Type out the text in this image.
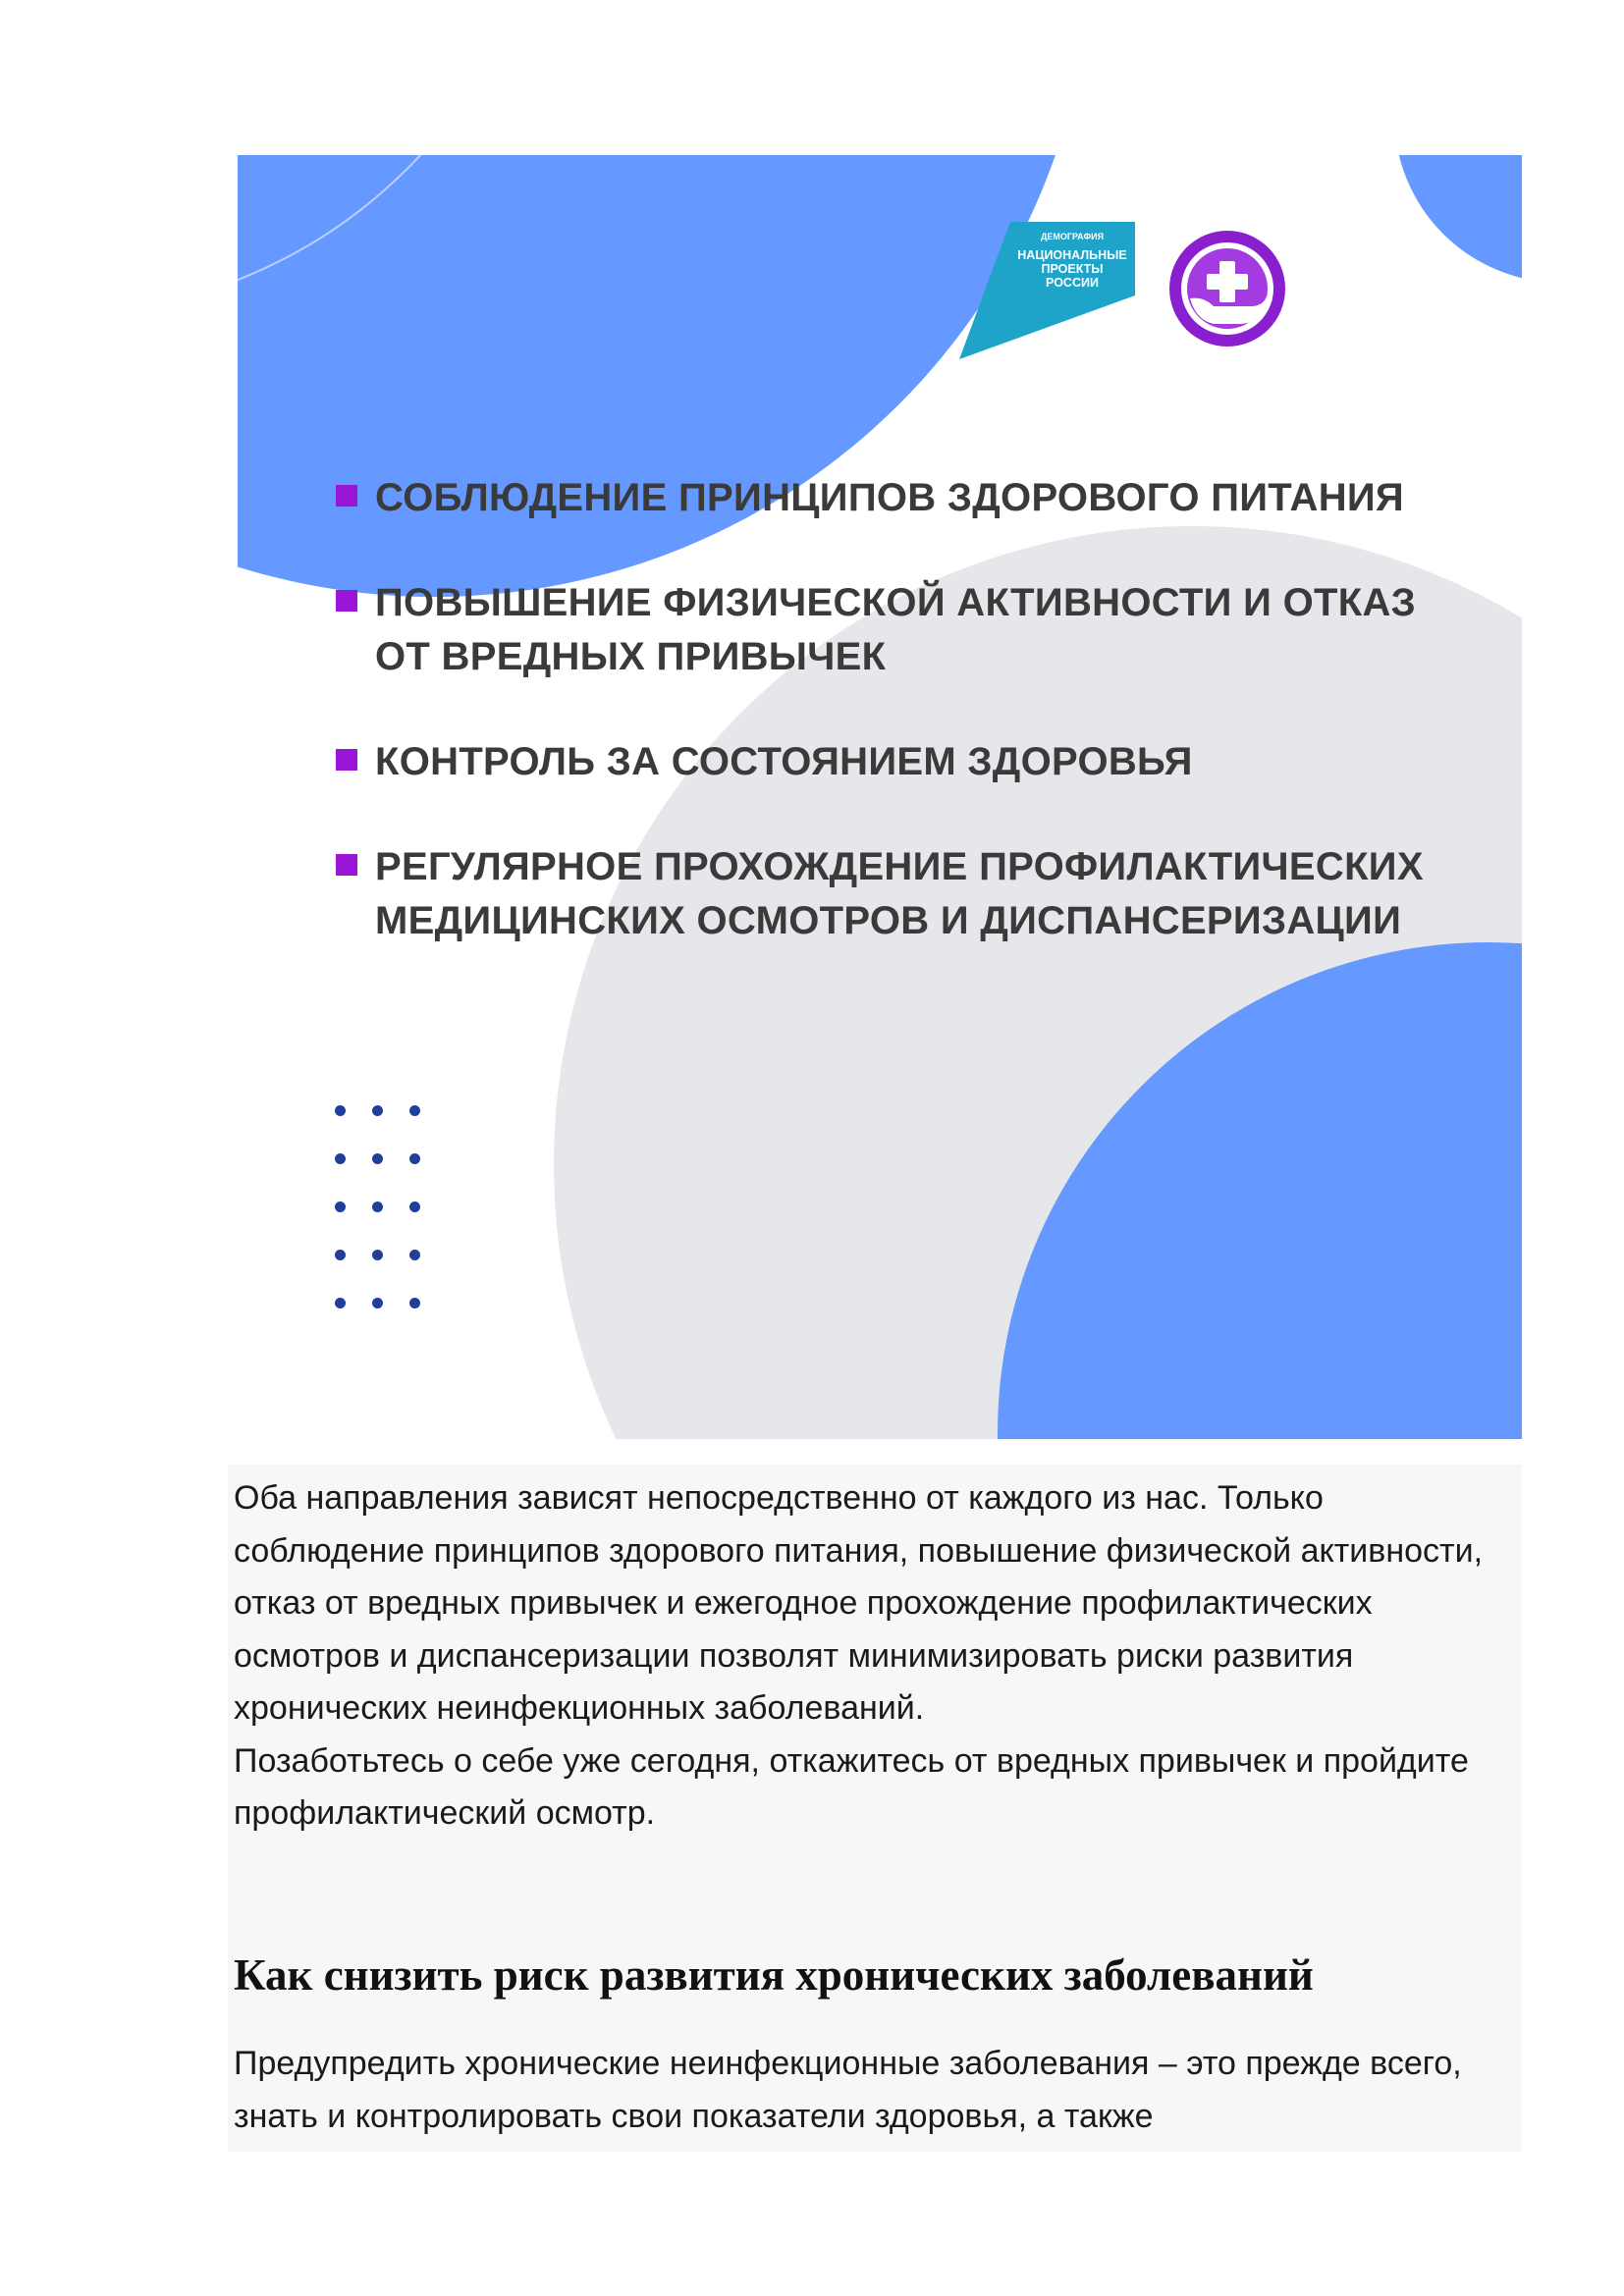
ДЕМОГРАФИЯ
НАЦИОНАЛЬНЫЕ
ПРОЕКТЫ
РОССИИ
СОБЛЮДЕНИЕ ПРИНЦИПОВ ЗДОРОВОГО ПИТАНИЯ
ПОВЫШЕНИЕ ФИЗИЧЕСКОЙ АКТИВНОСТИ И ОТКАЗ ОТ ВРЕДНЫХ ПРИВЫЧЕК
КОНТРОЛЬ ЗА СОСТОЯНИЕМ ЗДОРОВЬЯ
РЕГУЛЯРНОЕ ПРОХОЖДЕНИЕ ПРОФИЛАКТИЧЕСКИХ МЕДИЦИНСКИХ ОСМОТРОВ И ДИСПАНСЕРИЗАЦИИ

Оба направления зависят непосредственно от каждого из нас. Только соблюдение принципов здорового питания, повышение физической активности, отказ от вредных привычек и ежегодное прохождение профилактических осмотров и диспансеризации позволят минимизировать риски развития хронических неинфекционных заболеваний.

Позаботьтесь о себе уже сегодня, откажитесь от вредных привычек и пройдите профилактический осмотр.

Как снизить риск развития хронических заболеваний

Предупредить хронические неинфекционные заболевания – это прежде всего, знать и контролировать свои показатели здоровья, а также
